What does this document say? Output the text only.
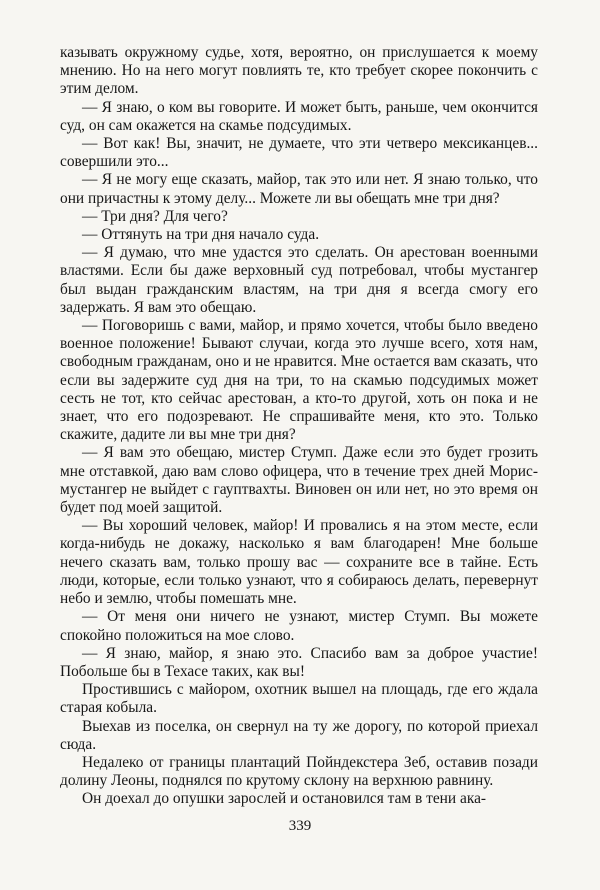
казывать окружному судье, хотя, вероятно, он прислушается к моему мнению. Но на него могут повлиять те, кто требует скорее покончить с этим делом.

— Я знаю, о ком вы говорите. И может быть, раньше, чем окончится суд, он сам окажется на скамье подсудимых.

— Вот как! Вы, значит, не думаете, что эти четверо мексиканцев... совершили это...

— Я не могу еще сказать, майор, так это или нет. Я знаю только, что они причастны к этому делу... Можете ли вы обещать мне три дня?

— Три дня? Для чего?

— Оттянуть на три дня начало суда.

— Я думаю, что мне удастся это сделать. Он арестован военными властями. Если бы даже верховный суд потребовал, чтобы мустангер был выдан гражданским властям, на три дня я всегда смогу его задержать. Я вам это обещаю.

— Поговоришь с вами, майор, и прямо хочется, чтобы было введено военное положение! Бывают случаи, когда это лучше всего, хотя нам, свободным гражданам, оно и не нравится. Мне остается вам сказать, что если вы задержите суд дня на три, то на скамью подсудимых может сесть не тот, кто сейчас арестован, а кто-то другой, хоть он пока и не знает, что его подозревают. Не спрашивайте меня, кто это. Только скажите, дадите ли вы мне три дня?

— Я вам это обещаю, мистер Стумп. Даже если это будет грозить мне отставкой, даю вам слово офицера, что в течение трех дней Морис-мустангер не выйдет с гауптвахты. Виновен он или нет, но это время он будет под моей защитой.

— Вы хороший человек, майор! И провались я на этом месте, если когда-нибудь не докажу, насколько я вам благодарен! Мне больше нечего сказать вам, только прошу вас — сохраните все в тайне. Есть люди, которые, если только узнают, что я собираюсь делать, перевернут небо и землю, чтобы помешать мне.

— От меня они ничего не узнают, мистер Стумп. Вы можете спокойно положиться на мое слово.

— Я знаю, майор, я знаю это. Спасибо вам за доброе участие! Побольше бы в Техасе таких, как вы!

Простившись с майором, охотник вышел на площадь, где его ждала старая кобыла.

Выехав из поселка, он свернул на ту же дорогу, по которой приехал сюда.

Недалеко от границы плантаций Пойндекстера Зеб, оставив позади долину Леоны, поднялся по крутому склону на верхнюю равнину.

Он доехал до опушки зарослей и остановился там в тени ака-

339
